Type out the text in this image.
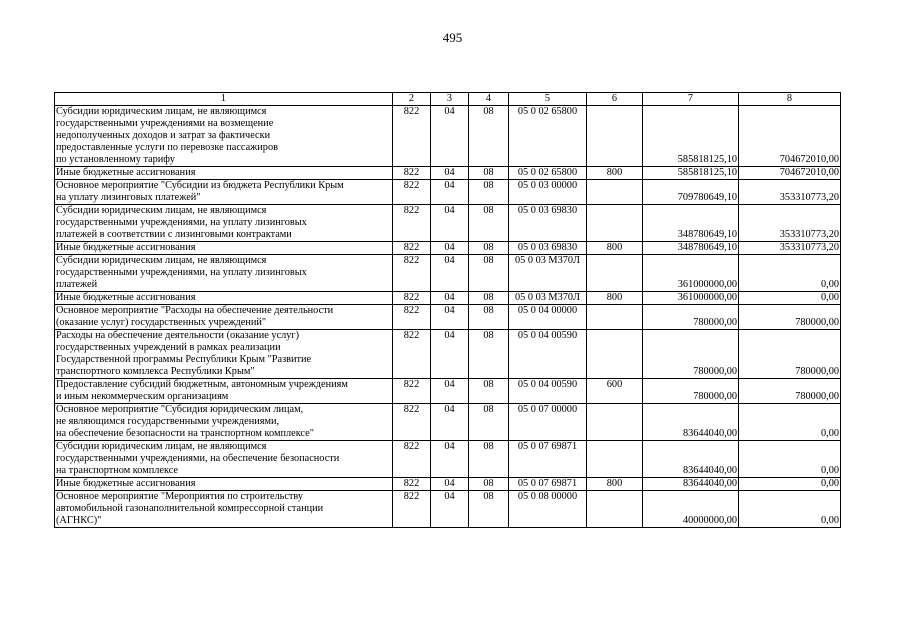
495
1	2	3	4	5	6	7	8

Субсидии юридическим лицам, не являющимся
государственными учреждениями на возмещение
недополученных доходов и затрат за фактически
предоставленные услуги по перевозке пассажиров
по установленному тарифу	822	04	08	05 0 02 65800		585818125,10	704672010,00

Иные бюджетные ассигнования	822	04	08	05 0 02 65800	800	585818125,10	704672010,00

Основное мероприятие "Субсидии из бюджета Республики Крым
на уплату лизинговых платежей"	822	04	08	05 0 03 00000		709780649,10	353310773,20

Субсидии юридическим лицам, не являющимся
государственными учреждениями, на уплату лизинговых
платежей в соответствии с лизинговыми контрактами	822	04	08	05 0 03 69830		348780649,10	353310773,20

Иные бюджетные ассигнования	822	04	08	05 0 03 69830	800	348780649,10	353310773,20

Субсидии юридическим лицам, не являющимся
государственными учреждениями, на уплату лизинговых
платежей	822	04	08	05 0 03 М370Л		361000000,00	0,00

Иные бюджетные ассигнования	822	04	08	05 0 03 М370Л	800	361000000,00	0,00

Основное мероприятие "Расходы на обеспечение деятельности
(оказание услуг) государственных учреждений"	822	04	08	05 0 04 00000		780000,00	780000,00

Расходы на обеспечение деятельности (оказание услуг)
государственных учреждений в рамках реализации
Государственной программы Республики Крым "Развитие
транспортного комплекса Республики Крым"	822	04	08	05 0 04 00590		780000,00	780000,00

Предоставление субсидий бюджетным, автономным учреждениям
и иным некоммерческим организациям	822	04	08	05 0 04 00590	600	780000,00	780000,00

Основное мероприятие "Субсидия юридическим лицам,
не являющимся государственными учреждениями,
на обеспечение безопасности на транспортном комплексе"	822	04	08	05 0 07 00000		83644040,00	0,00

Субсидии юридическим лицам, не являющимся
государственными учреждениями, на обеспечение безопасности
на транспортном комплексе	822	04	08	05 0 07 69871		83644040,00	0,00

Иные бюджетные ассигнования	822	04	08	05 0 07 69871	800	83644040,00	0,00

Основное мероприятие "Мероприятия по строительству
автомобильной газонаполнительной компрессорной станции
(АГНКС)"	822	04	08	05 0 08 00000		40000000,00	0,00
